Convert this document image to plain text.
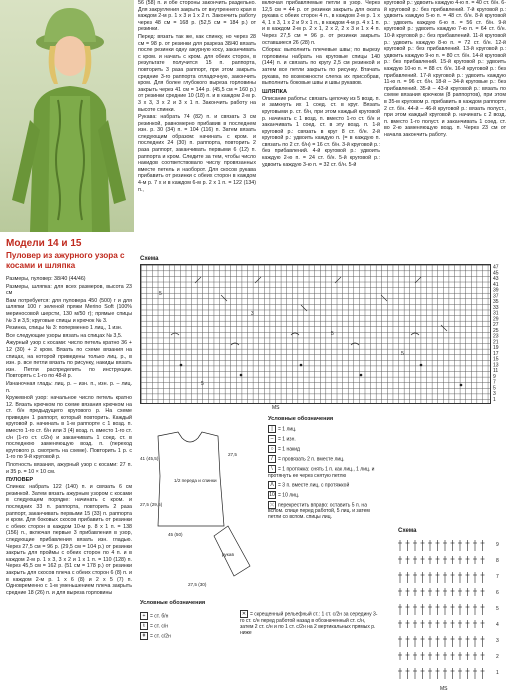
Модели 14 и 15

Пуловер из ажурного узора с косами и шляпка

Размеры, пуловер: 38/40 (44/46)

Размеры, шляпка: для всех размеров, высота 23 см

Вам потребуется: для пуловера 450 (500) г и для шляпки 100 г зеленой пряжи Merino Soft (100% мериносовой шерсти, 130 м/50 г); прямые спицы № 3 и 3,5; круговые спицы и крючок № 3.

Резинка, спицы № 3: поперменно 1 лиц., 1 изн.

Все следующие узоры вязать на спицах № 3,5.

Ажурный узор с косами: число петель кратно 36 + 12 (30) + 2 кром. Вязать по схеме вязания на спицах, на которой приведены только лиц. р., в изн. р. все петли вязать по рисунку, накиды вязать изн. Петли распределить по инструкции. Повторять с 1-го по 48-й р.

Изнаночная гладь: лиц. р. – изн. п., изн. р. – лиц. п.

Кружевной узор: начальное число петель кратно 12. Вязать крючком по схеме вязания крючком на ст. б/н предыдущего кругового р. На схеме приведен 1 раппорт, который повторить. Каждый круговой р. начинать в 1-м раппорте с 1 возд. п. вместо 1-го ст. б/н или 3 (4) возд. п. вместо 1-го ст. с/н (1-го ст. с/2н) и заканчивать 1 соед. ст. в последнюю заменяющую возд. п. (переход кругового р. смотреть на схеме). Повторить 1 р. с 1-го по 9-й круговой р.

Плотность вязания, ажурный узор с косами: 27 п. и 35 р. = 10 × 10 см.

ПУЛОВЕР

Спинка: набрать 122 (140) п. и связать 6 см резинкой. Затем вязать ажурным узором с косами в следующем порядке: начинать с кром. и последних 33 п. раппорта, повторить 2 раза раппорт, заканчивать первыми 15 (33) п. раппорта и кром. Для боковых скосов прибавить от резинки с обеих сторон в каждом 10-м р. 8 х 1 п. = 138 (156) п., включая первые 3 прибавления в узор, следующие прибавления вязать изн. гладью. Через 27,5 см = 96 р. (29,5 см = 104 р.) от резинки закрыть для проймы с обеих сторон по 4 п. и в каждом 2-м р. 1 х 3, 3 х 2 и 1 х 1 п. = 110 (128) п. Через 45,5 см = 162 р. (51 см = 178 р.) от резинки закрыть для скосов плеча с обеих сторон 6 (8) п. и в каждом 2-м р. 1 х 6 (8) и 2 х 5 (7) п. Одновременно с 1-м уменьшением плеча закрыть средние 18 (26) п. и для выреза горловины

56 (58) п. и обе стороны закончить раздельно. Для закругления закрыть от внутреннего края в каждом 2-м р. 1 х 3 и 1 х 2 п. Закончить работу через 48 см = 168 р. (52,5 см = 184 р.) от резинки.

Перед: вязать так же, как спинку, но через 28 см = 98 р. от резинки для разреза 38/40 вязать после резинки одну ажурную косу, заканчивать с кром. и начать с кром. для обеих сторон, в результате получится 15 п. раппорта, повторить 3 раза раппорт, при этом закрыть средние 3-го раппорта отладочную, закончить кром. Для более глубокого выреза горловины закрыть через 41 см = 144 р. (45,5 см = 160 р.) от резинки средние 10 (18) п. и в каждом 2-м р. 3 х 3, 3 х 2 и 3 х 1 п. Закончить работу на высоте спинки.

Рукава: набрать 74 (82) п. и связать 3 см резинкой, равномерно прибавив в последнем изн. р. 30 (34) п. = 104 (116) п. Затем вязать следующим образом: начинать с кром. и последних 24 (30) п. раппорта, повторить 2 раза раппорт, заканчивать первыми 6 (12) п. раппорта и кром. Следите за тем, чтобы число накидов соответствовало числу провязанных вместе петель и наоборот. Для скосов рукава прибавить от резинки с обеих сторон в каждом 4-м р. 7 х и в каждом 6-м р. 2 х 1 п. = 122 (134) п.,

включая прибавляемые петли в узор. Через 12,5 см = 44 р. от резинки закрыть для оката рукава с обеих сторон 4 п., в каждом 2-м р. 1 х 4, 1 х 3, 1 х 2 и 9 х 1 п., в каждом 4-м р. 4 х 1 п. и в каждом 2-м р. 2 х 1, 2 х 2, 2 х 3 и 1 х 4 п. Через 27,5 см = 96 р. от резинки закрыть оставшиеся 26 (28) п.

Сборка: выполнить плечевые швы; по вырезу горловины набрать на круговые спицы 140 (144) п. и связать по кругу 2,5 см резинкой и затем все петли закрыть по рисунку. Втачать рукава, по возможности слегка их присобрав, выполнить боковые швы и швы рукавов.

ШЛЯПКА

Описание работы: связать цепочку из 5 возд. п. и замкнуть их 1 соед. ст. в круг. Вязать круговыми р. ст. б/н, при этом каждый круговой р. начинать с 1 возд. п. вместо 1-го ст. б/н и заканчивать 1 соед. ст. в эту возд. п. 1-й круговой р.: связать в круг 8 ст. б/н. 2-й круговой р.: удвоить каждую п. (= в каждую п. связать по 2 ст. б/н) = 16 ст. б/н. 3-й круговой р.: без прибавлений. 4-й круговой р.: удвоить каждую 2-ю п. = 24 ст. б/н. 5-й круговой р.: удвоить каждую 3-ю п. = 32 ст. б/н. 5-й

круговой р.: удвоить каждую 4-ю п. = 40 ст. б/н. 6-й круговой р.: без прибавлений. 7-й круговой р.: удвоить каждую 5-ю п. = 48 ст. б/н. 8-й круговой р.: удвоить каждую 6-ю п. = 56 ст. б/н. 9-й круговой р.: удвоить каждую 7-ю п. = 64 ст. б/н. 10-й круговой р.: без прибавлений. 11-й круговой р.: удвоить каждую 8-ю п. = 72 ст. б/н. 12-й круговой р.: без прибавлений. 13-й круговой р.: удвоить каждую 9-ю п. = 80 ст. б/н. 14-й круговой р.: без прибавлений. 15-й круговой р.: удвоить каждую 10-ю п. = 88 ст. б/н. 16-й круговой р.: без прибавлений. 17-й круговой р.: удвоить каждую 11-ю п. = 96 ст. б/н. 18-й – 34-й круговые р.: без прибавлений. 35-й – 43-й круговой р.: вязать по схеме вязания крючком (8 раппортов), при этом в 35-м круговом р. прибавить в каждом раппорте 2 ст. б/н. 44-й – 46-й круговой р.: вязать полуст., при этом каждый круговой р. начинать с 2 возд. п. вместо 1-го полуст. и заканчивать 1 соед. ст. во 2-ю заменяющую возд. п. Через 23 см от начала закончить работу.

Схема
5
3
5
5
5
47
45
43
41
39
37
35
33
31
29
27
25
23
21
19
17
15
13
11
9
7
5
3
1
MS
41 (45,5)
27,5
1/2 переда и спинки
27,5 (29,5)
45 (50)
рукав
27,5 (30)
Условные обозначения
| = 1 лиц.
– = 1 изн.
○ = 1 накид
/ = провязать 2 п. вместе лиц.
\ = 1 протяжка: снять 1 п. как лиц., 1 лиц. и протянуть ее через снятую петлю
Λ = 3 п. вместе лиц. с протяжкой
10 = 10 лиц.
⤬ перекрестить вправо: оставить 5 п. на вспом. спице перед работой, 5 лиц. и затем петли со вспом. спицы лиц.
Схема
9
8
7
6
5
4
3
2
1
MS
Условные обозначения
+ = ст. б/н
ŧ = ст. с/н
ǂ = ст. с/2н
✕ = скрещенный рельефный ст.: 1 ст. с/2н за середину 3-го ст. с/н перед работой назад в обозначенный ст. с/н, затем 2 ст. с/н и по 1 ст. с/2н на 2 вертикальных прямых р. ниже
